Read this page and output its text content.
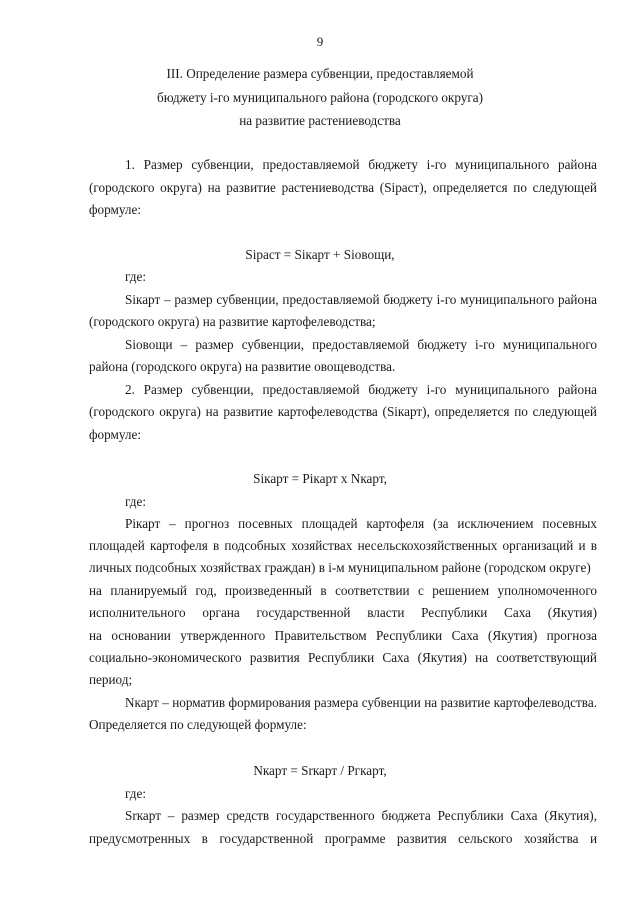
9
III. Определение размера субвенции, предоставляемой
бюджету i-го муниципального района (городского округа)
на развитие растениеводства
1. Размер субвенции, предоставляемой бюджету i-го муниципального района
(городского округа) на развитие растениеводства (Siраст), определяется по следующей
формуле:
Siраст = Siкарт + Siовощи,
где:
Siкарт – размер субвенции, предоставляемой бюджету i-го муниципального района
(городского округа) на развитие картофелеводства;
Siовощи – размер субвенции, предоставляемой бюджету i-го муниципального
района (городского округа) на развитие овощеводства.
2. Размер субвенции, предоставляемой бюджету i-го муниципального района
(городского округа) на развитие картофелеводства (Siкарт), определяется по следующей
формуле:
Siкарт = Piкарт x Nкарт,
где:
Piкарт – прогноз посевных площадей картофеля (за исключением посевных
площадей картофеля в подсобных хозяйствах несельскохозяйственных организаций и в
личных подсобных хозяйствах граждан) в i-м муниципальном районе (городском округе)
на планируемый год, произведенный в соответствии с решением уполномоченного
исполнительного органа государственной власти Республики Саха (Якутия)
на основании утвержденного Правительством Республики Саха (Якутия) прогноза
социально-экономического развития Республики Саха (Якутия) на соответствующий
период;
Nкарт – норматив формирования размера субвенции на развитие картофелеводства.
Определяется по следующей формуле:
Nкарт = Srкарт / Pгкарт,
где:
Srкарт – размер средств государственного бюджета Республики Саха (Якутия),
предусмотренных в государственной программе развития сельского хозяйства и
